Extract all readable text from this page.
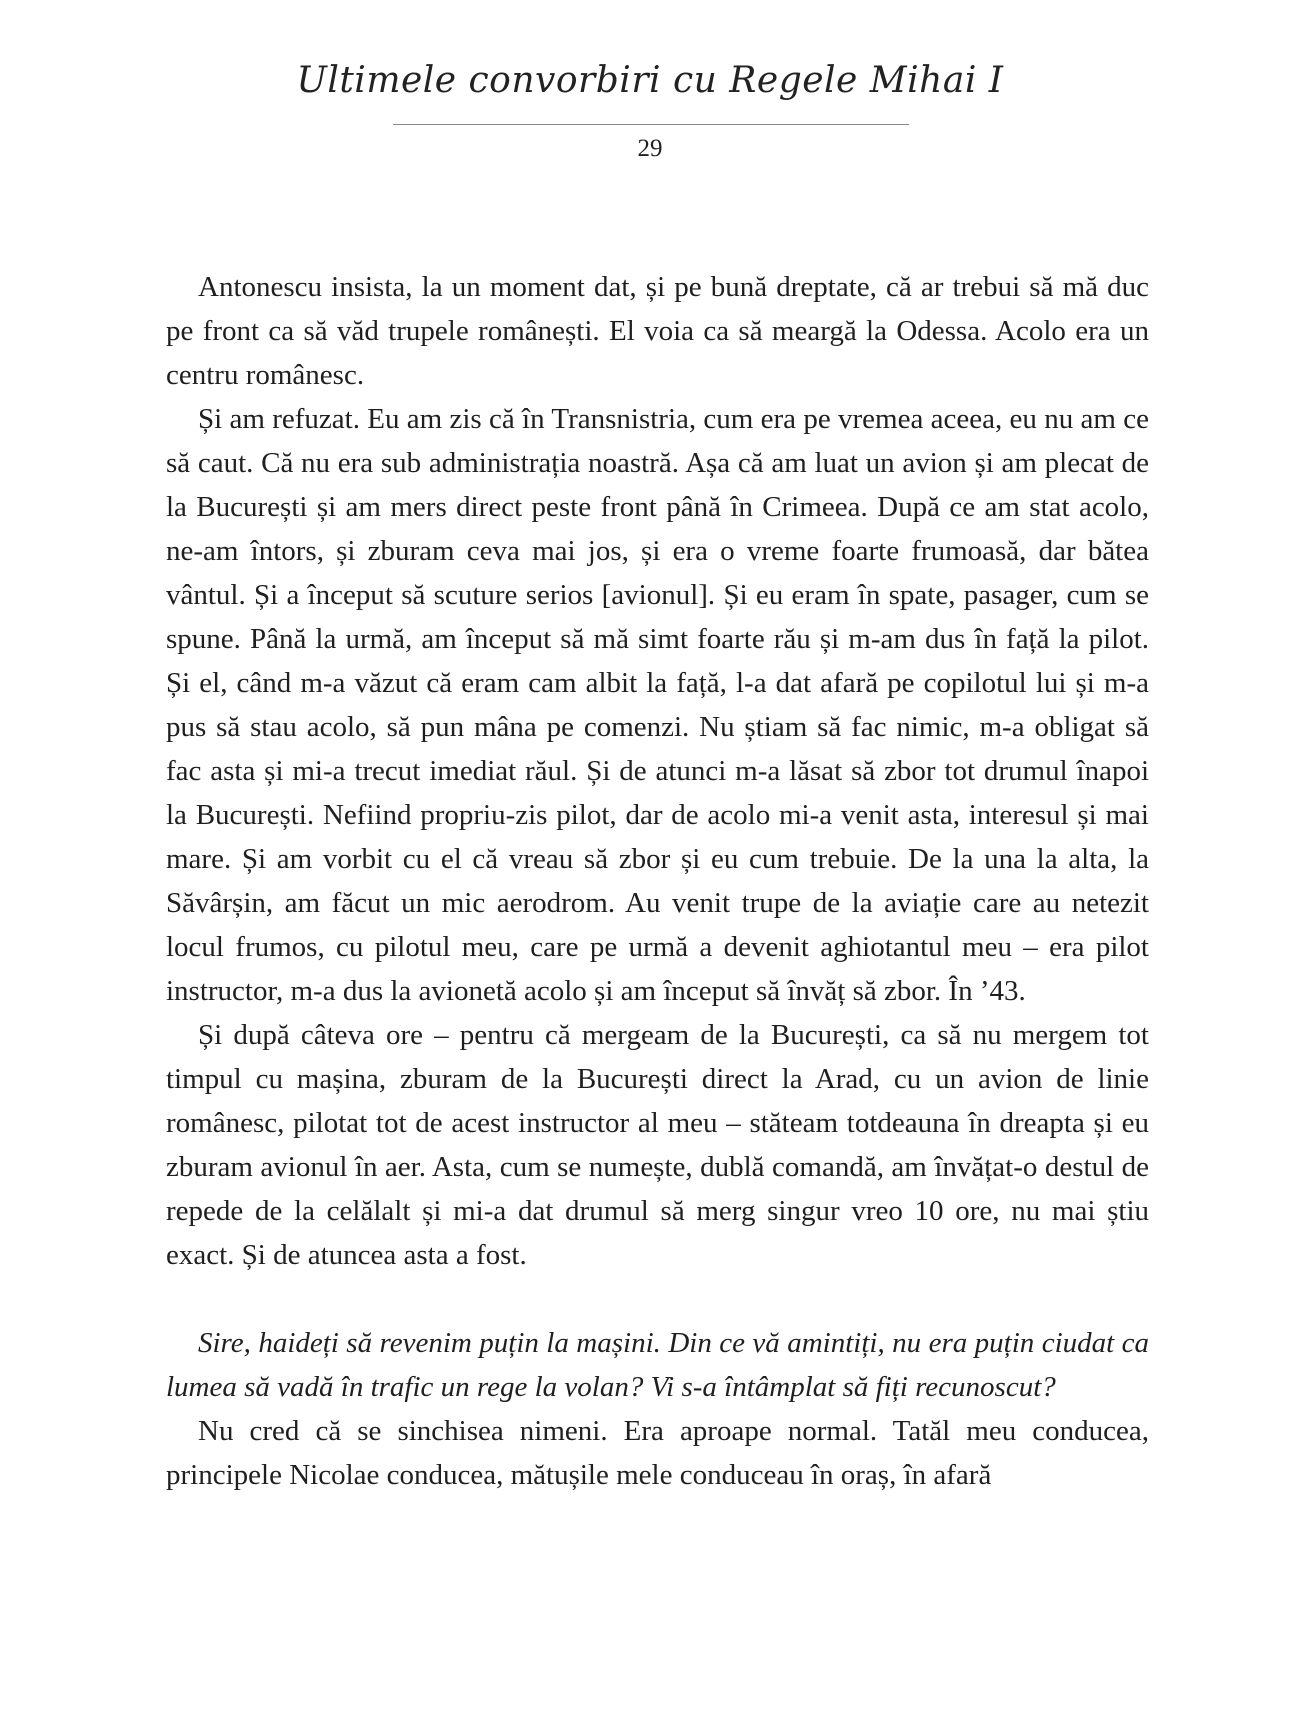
Ultimele convorbiri cu Regele Mihai I
29

Antonescu insista, la un moment dat, și pe bună dreptate, că ar trebui să mă duc pe front ca să văd trupele românești. El voia ca să meargă la Odessa. Acolo era un centru românesc.

Și am refuzat. Eu am zis că în Transnistria, cum era pe vremea aceea, eu nu am ce să caut. Că nu era sub administrația noastră. Așa că am luat un avion și am plecat de la București și am mers direct peste front până în Crimeea. După ce am stat acolo, ne-am întors, și zburam ceva mai jos, și era o vreme foarte frumoasă, dar bătea vântul. Și a început să scuture serios [avionul]. Și eu eram în spate, pasager, cum se spune. Până la urmă, am început să mă simt foarte rău și m-am dus în față la pilot. Și el, când m-a văzut că eram cam albit la față, l-a dat afară pe copilotul lui și m-a pus să stau acolo, să pun mâna pe comenzi. Nu știam să fac nimic, m-a obligat să fac asta și mi-a trecut imediat răul. Și de atunci m-a lăsat să zbor tot drumul înapoi la București. Nefiind propriu-zis pilot, dar de acolo mi-a venit asta, interesul și mai mare. Și am vorbit cu el că vreau să zbor și eu cum trebuie. De la una la alta, la Săvârșin, am făcut un mic aerodrom. Au venit trupe de la aviație care au netezit locul frumos, cu pilotul meu, care pe urmă a devenit aghiotantul meu – era pilot instructor, m-a dus la avionetă acolo și am început să învăț să zbor. În ’43.

Și după câteva ore – pentru că mergeam de la București, ca să nu mergem tot timpul cu mașina, zburam de la București direct la Arad, cu un avion de linie românesc, pilotat tot de acest instructor al meu – stăteam totdeauna în dreapta și eu zburam avionul în aer. Asta, cum se numește, dublă comandă, am învățat-o destul de repede de la celălalt și mi-a dat drumul să merg singur vreo 10 ore, nu mai știu exact. Și de atuncea asta a fost.

Sire, haideți să revenim puțin la mașini. Din ce vă amintiți, nu era puțin ciudat ca lumea să vadă în trafic un rege la volan? Vi s-a întâmplat să fiți recunoscut?

Nu cred că se sinchisea nimeni. Era aproape normal. Tatăl meu conducea, principele Nicolae conducea, mătușile mele conduceau în oraș, în afară
